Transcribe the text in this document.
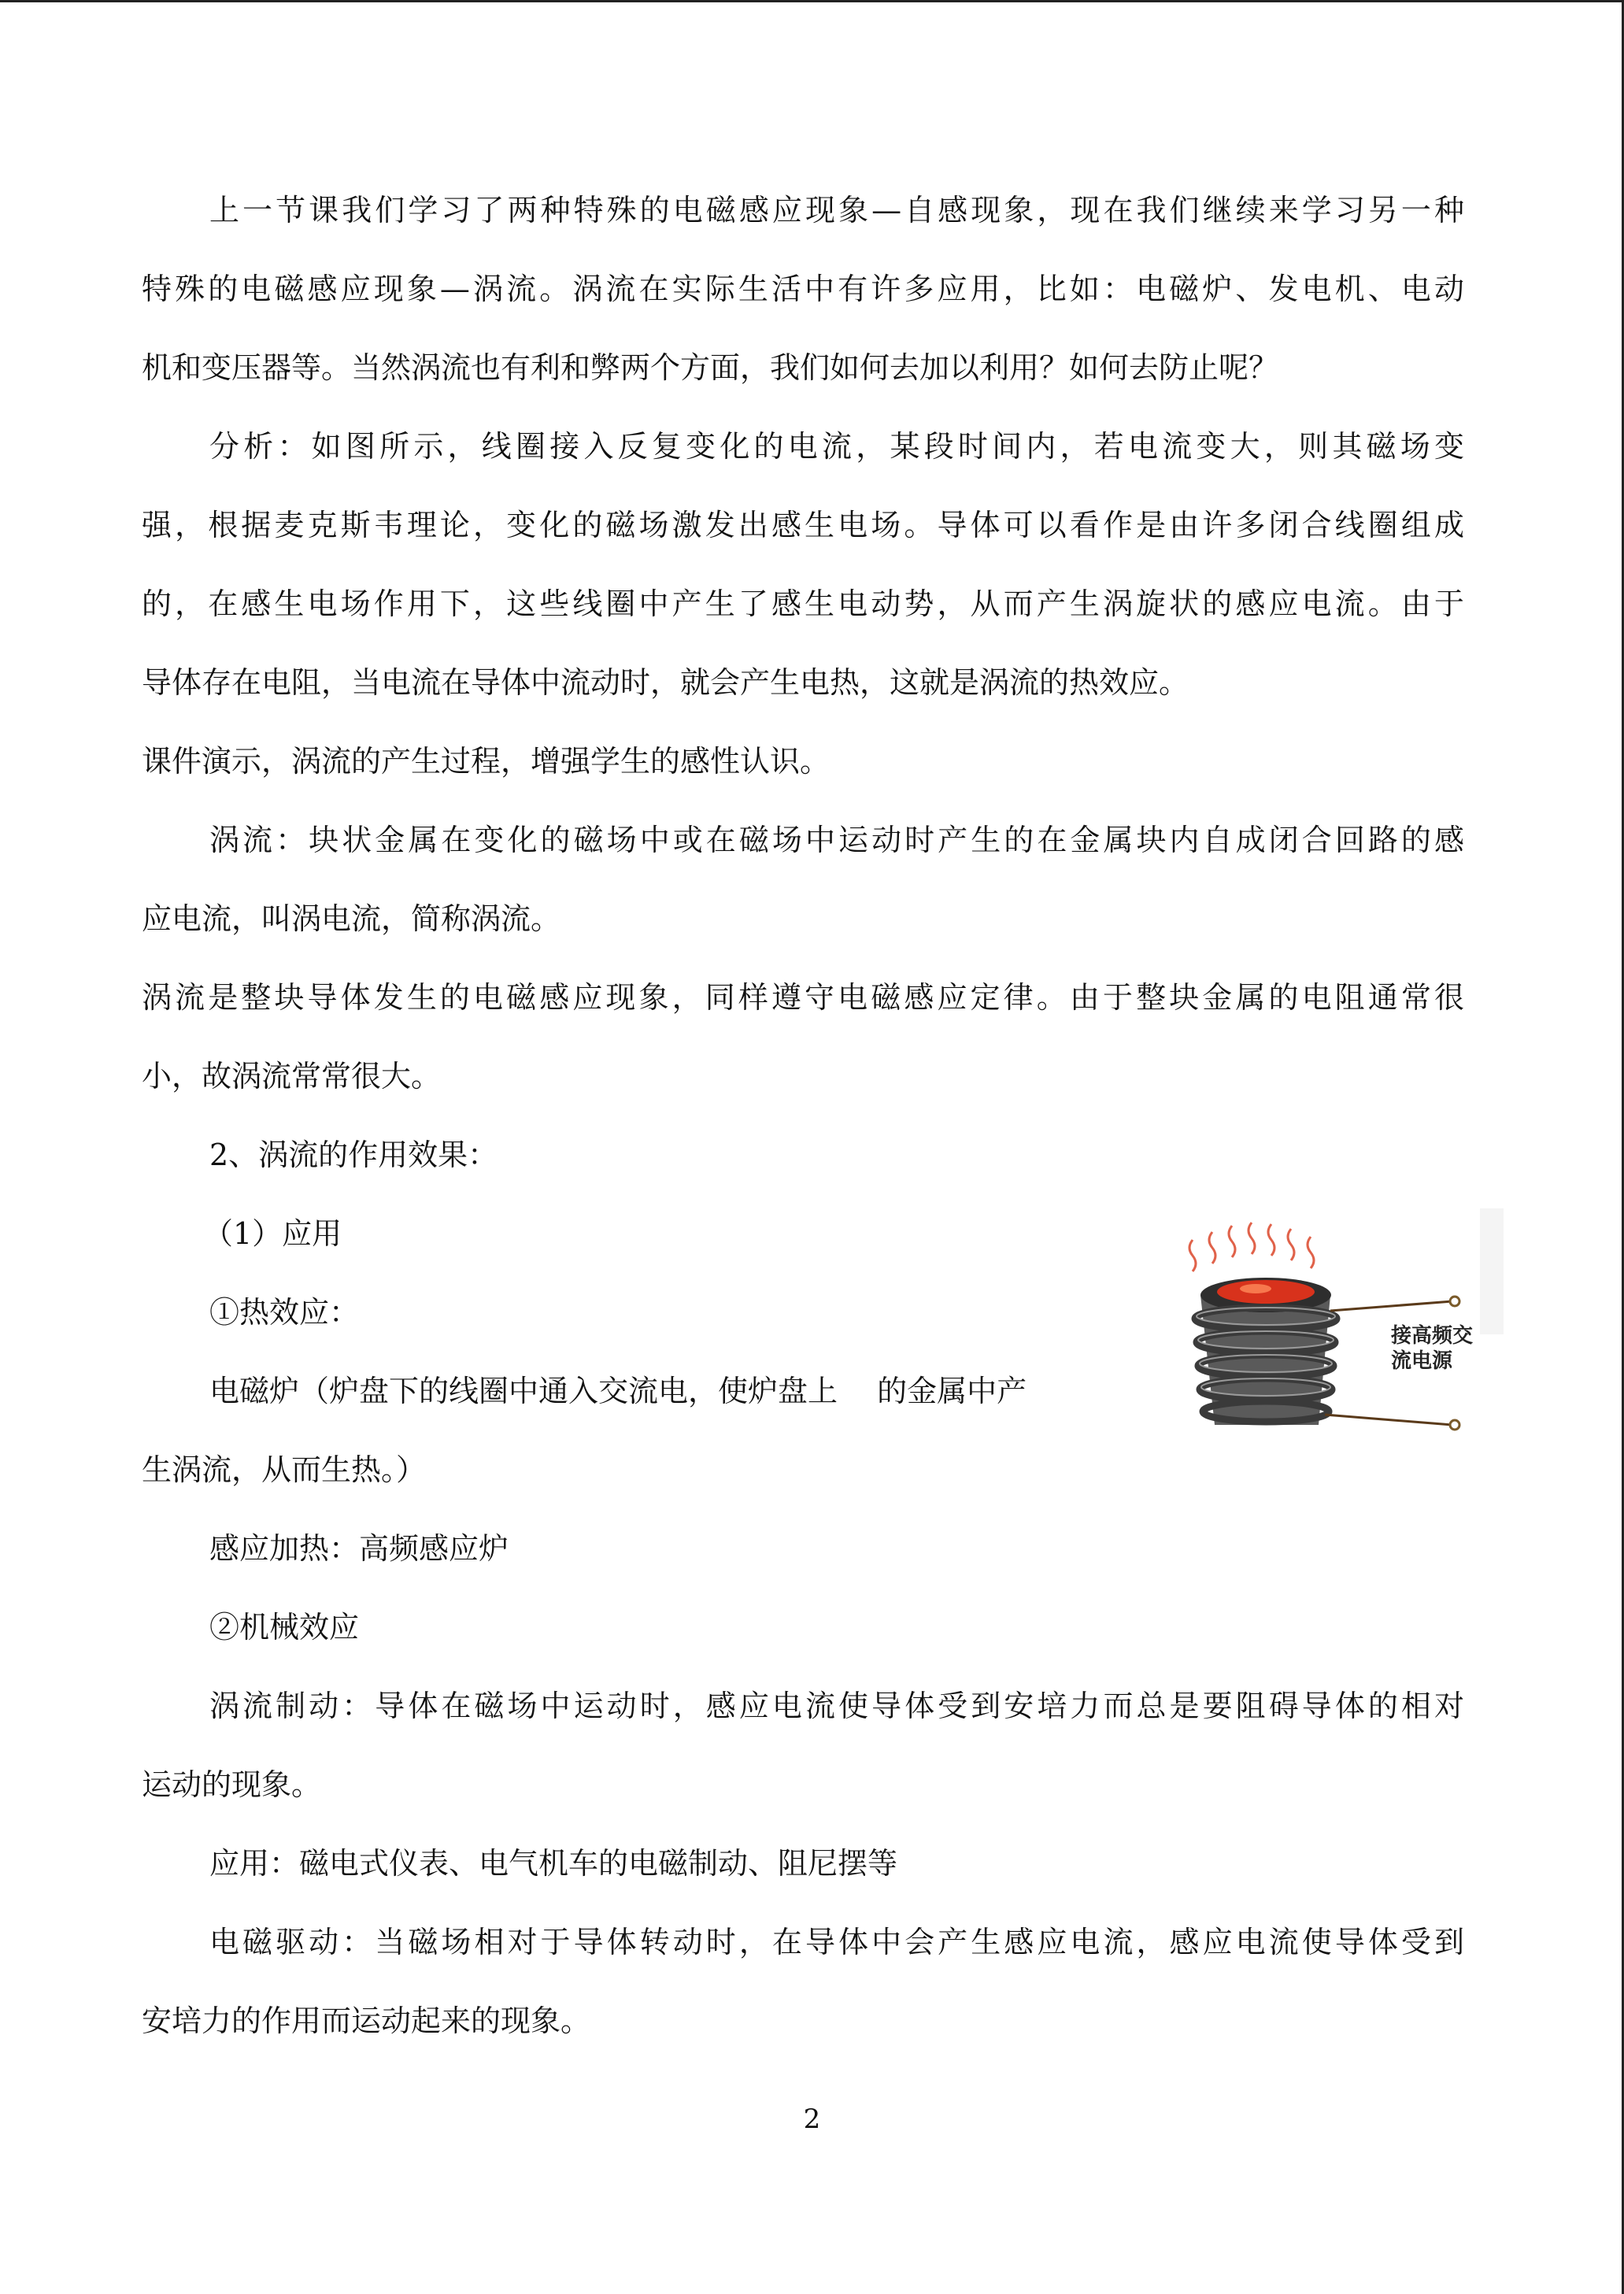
上一节课我们学习了两种特殊的电磁感应现象—自感现象，现在我们继续来学习另一种
特殊的电磁感应现象—涡流。涡流在实际生活中有许多应用，比如：电磁炉、发电机、电动
机和变压器等。当然涡流也有利和弊两个方面，我们如何去加以利用？如何去防止呢？
分析：如图所示，线圈接入反复变化的电流，某段时间内，若电流变大，则其磁场变
强，根据麦克斯韦理论，变化的磁场激发出感生电场。导体可以看作是由许多闭合线圈组成
的，在感生电场作用下，这些线圈中产生了感生电动势，从而产生涡旋状的感应电流。由于
导体存在电阻，当电流在导体中流动时，就会产生电热，这就是涡流的热效应。
课件演示，涡流的产生过程，增强学生的感性认识。
涡流：块状金属在变化的磁场中或在磁场中运动时产生的在金属块内自成闭合回路的感
应电流，叫涡电流，简称涡流。
涡流是整块导体发生的电磁感应现象，同样遵守电磁感应定律。由于整块金属的电阻通常很
小，故涡流常常很大。
2、涡流的作用效果：
（1）应用
①热效应：
电磁炉（炉盘下的线圈中通入交流电，使炉盘上　 的金属中产
生涡流，从而生热。）
接高频交
流电源
感应加热：高频感应炉
②机械效应
涡流制动：导体在磁场中运动时，感应电流使导体受到安培力而总是要阻碍导体的相对
运动的现象。
应用：磁电式仪表、电气机车的电磁制动、阻尼摆等
电磁驱动：当磁场相对于导体转动时，在导体中会产生感应电流，感应电流使导体受到
安培力的作用而运动起来的现象。
2
